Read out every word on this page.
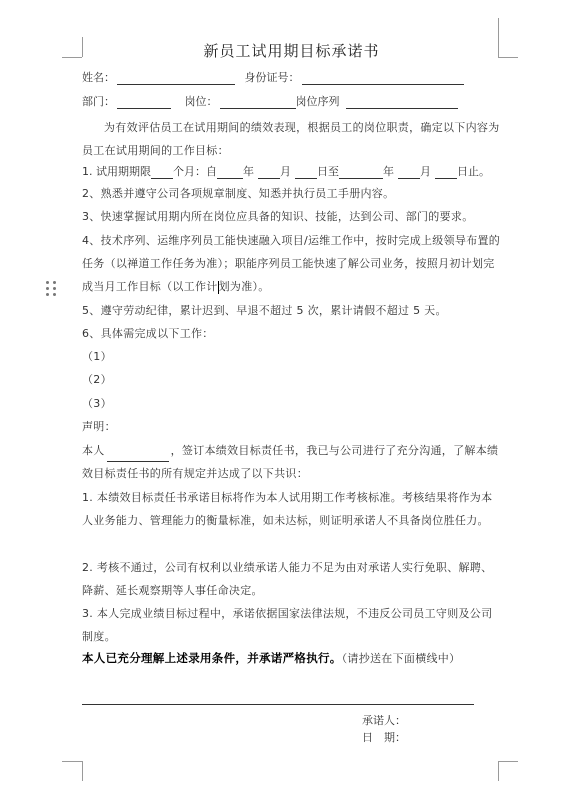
新员工试用期目标承诺书
姓名：	身份证号：
部门：	岗位：	岗位序列
为有效评估员工在试用期间的绩效表现，根据员工的岗位职责，确定以下内容为员工在试用期间的工作目标：
1. 试用期期限 个月：自 年 月 日至	年 月 日止。
2、熟悉并遵守公司各项规章制度、知悉并执行员工手册内容。
3、快速掌握试用期内所在岗位应具备的知识、技能，达到公司、部门的要求。
4、技术序列、运维序列员工能快速融入项目/运维工作中，按时完成上级领导布置的任务（以禅道工作任务为准）；职能序列员工能快速了解公司业务，按照月初计划完成当月工作目标（以工作计划为准）。
5、遵守劳动纪律，累计迟到、早退不超过 5 次，累计请假不超过 5 天。
6、具体需完成以下工作：
（1）
（2）
（3）
声明：
本人	，签订本绩效目标责任书，我已与公司进行了充分沟通，了解本绩效目标责任书的所有规定并达成了以下共识：
1. 本绩效目标责任书承诺目标将作为本人试用期工作考核标准。考核结果将作为本人业务能力、管理能力的衡量标准，如未达标，则证明承诺人不具备岗位胜任力。
2. 考核不通过，公司有权利以业绩承诺人能力不足为由对承诺人实行免职、解聘、降薪、延长观察期等人事任命决定。
3. 本人完成业绩目标过程中，承诺依据国家法律法规，不违反公司员工守则及公司制度。
本人已充分理解上述录用条件，并承诺严格执行。（请抄送在下面横线中）
承诺人：
日　期：
